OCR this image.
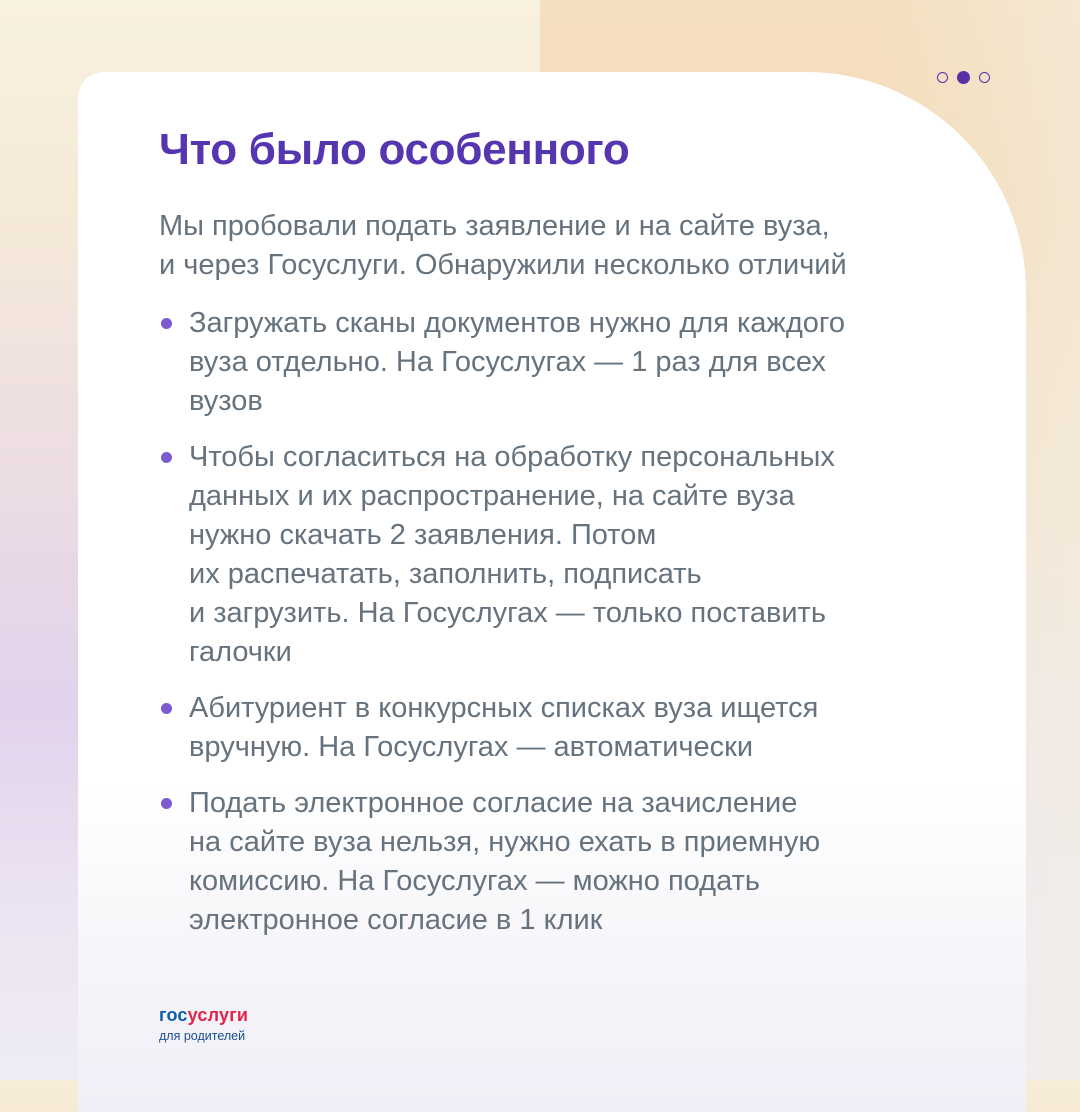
Что было особенного

Мы пробовали подать заявление и на сайте вуза,
и через Госуслуги. Обнаружили несколько отличий

Загружать сканы документов нужно для каждого
вуза отдельно. На Госуслугах — 1 раз для всех
вузов
Чтобы согласиться на обработку персональных
данных и их распространение, на сайте вуза
нужно скачать 2 заявления. Потом
их распечатать, заполнить, подписать
и загрузить. На Госуслугах — только поставить
галочки
Абитуриент в конкурсных списках вуза ищется
вручную. На Госуслугах — автоматически
Подать электронное согласие на зачисление
на сайте вуза нельзя, нужно ехать в приемную
комиссию. На Госуслугах — можно подать
электронное согласие в 1 клик
госуслуги
для родителей
